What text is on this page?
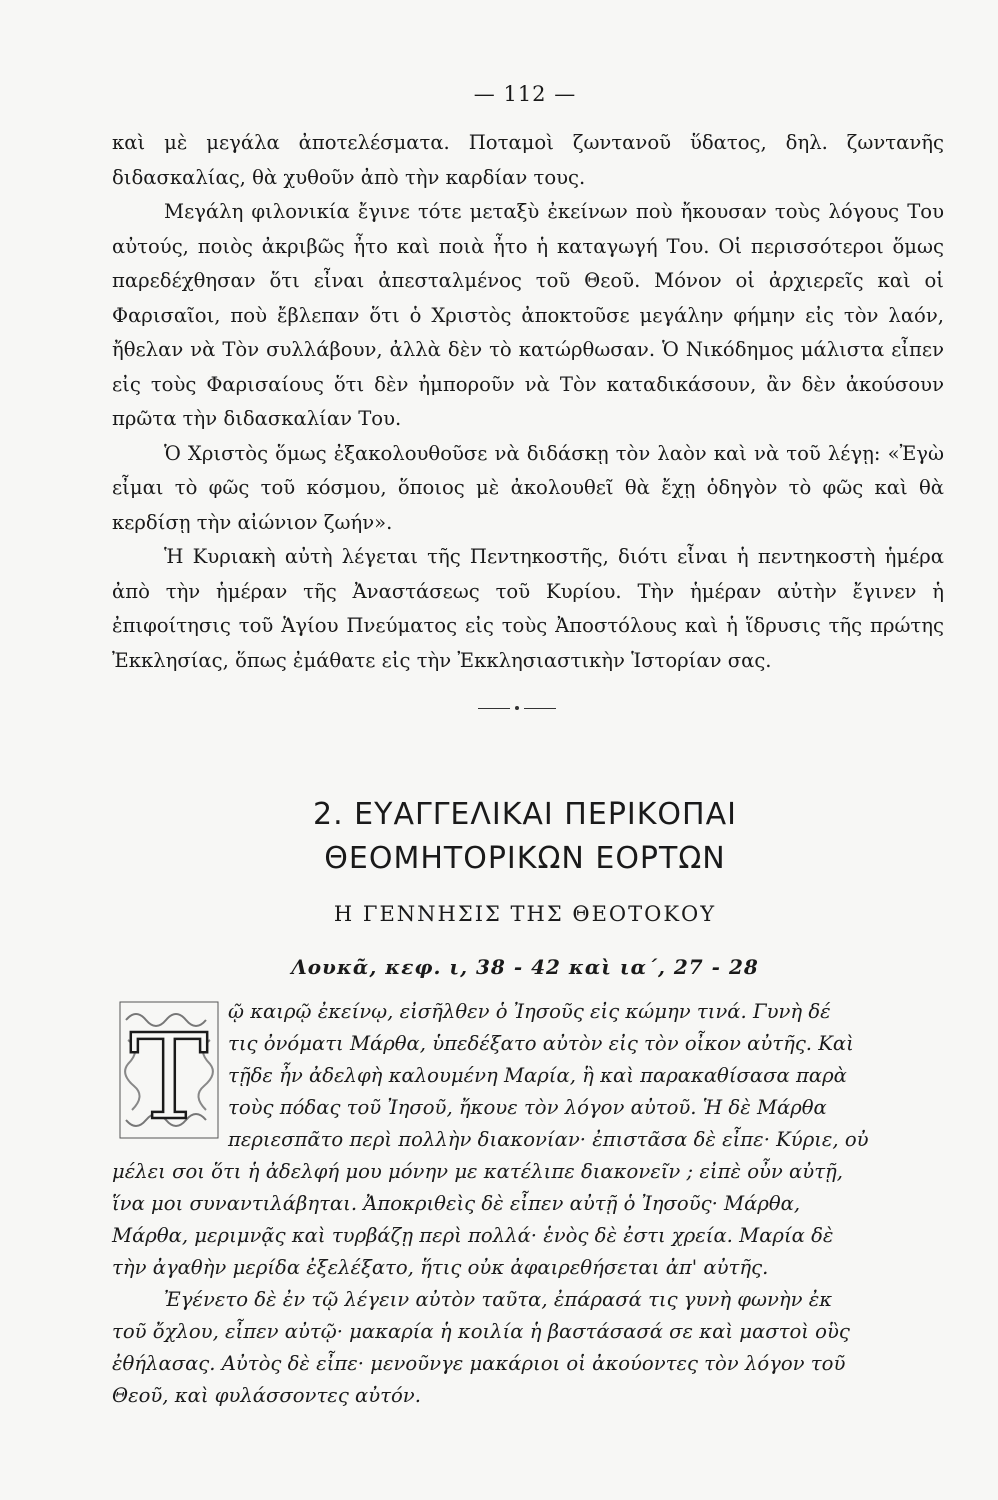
— 112 —

καὶ μὲ μεγάλα ἀποτελέσματα. Ποταμοὶ ζωντανοῦ ὕδατος, δηλ. ζωντανῆς διδασκαλίας, θὰ χυθοῦν ἀπὸ τὴν καρδίαν τους.

Μεγάλη φιλονικία ἔγινε τότε μεταξὺ ἐκείνων ποὺ ἤκουσαν τοὺς λόγους Του αὐτούς, ποιὸς ἀκριβῶς ἦτο καὶ ποιὰ ἦτο ἡ καταγωγή Του. Οἱ περισσότεροι ὅμως παρεδέχθησαν ὅτι εἶναι ἀπεσταλμένος τοῦ Θεοῦ. Μόνον οἱ ἀρχιερεῖς καὶ οἱ Φαρισαῖοι, ποὺ ἔβλεπαν ὅτι ὁ Χριστὸς ἀποκτοῦσε μεγάλην φήμην εἰς τὸν λαόν, ἤθελαν νὰ Τὸν συλλάβουν, ἀλλὰ δὲν τὸ κατώρθωσαν. Ὁ Νικόδημος μάλιστα εἶπεν εἰς τοὺς Φαρισαίους ὅτι δὲν ἠμποροῦν νὰ Τὸν καταδικάσουν, ἂν δὲν ἀκούσουν πρῶτα τὴν διδασκαλίαν Του.

Ὁ Χριστὸς ὅμως ἐξακολουθοῦσε νὰ διδάσκῃ τὸν λαὸν καὶ νὰ τοῦ λέγῃ: «Ἐγὼ εἶμαι τὸ φῶς τοῦ κόσμου, ὅποιος μὲ ἀκολουθεῖ θὰ ἔχῃ ὁδηγὸν τὸ φῶς καὶ θὰ κερδίσῃ τὴν αἰώνιον ζωήν».

Ἡ Κυριακὴ αὐτὴ λέγεται τῆς Πεντηκοστῆς, διότι εἶναι ἡ πεντηκοστὴ ἡμέρα ἀπὸ τὴν ἡμέραν τῆς Ἀναστάσεως τοῦ Κυρίου. Τὴν ἡμέραν αὐτὴν ἔγινεν ἡ ἐπιφοίτησις τοῦ Ἁγίου Πνεύματος εἰς τοὺς Ἀποστόλους καὶ ἡ ἵδρυσις τῆς πρώτης Ἐκκλησίας, ὅπως ἐμάθατε εἰς τὴν Ἐκκλησιαστικὴν Ἱστορίαν σας.

2. ΕΥΑΓΓΕΛΙΚΑΙ ΠΕΡΙΚΟΠΑΙ
ΘΕΟΜΗΤΟΡΙΚΩΝ ΕΟΡΤΩΝ
Η ΓΕΝΝΗΣΙΣ ΤΗΣ ΘΕΟΤΟΚΟΥ
Λουκᾶ, κεφ. ι, 38 - 42 καὶ ια΄, 27 - 28
Τ	ῷ καιρῷ ἐκείνῳ, εἰσῆλθεν ὁ Ἰησοῦς εἰς κώμην τινά. Γυνὴ δέ
τις ὀνόματι Μάρθα, ὑπεδέξατο αὐτὸν εἰς τὸν οἶκον αὐτῆς. Καὶ
τῇδε ἦν ἀδελφὴ καλουμένη Μαρία, ἣ καὶ παρακαθίσασα παρὰ
τοὺς πόδας τοῦ Ἰησοῦ, ἤκουε τὸν λόγον αὐτοῦ. Ἡ δὲ Μάρθα
περιεσπᾶτο περὶ πολλὴν διακονίαν· ἐπιστᾶσα δὲ εἶπε· Κύριε, οὐ
μέλει σοι ὅτι ἡ ἀδελφή μου μόνην με κατέλιπε διακονεῖν ; εἰπὲ οὖν αὐτῇ,
ἵνα μοι συναντιλάβηται. Ἀποκριθεὶς δὲ εἶπεν αὐτῇ ὁ Ἰησοῦς· Μάρθα,
Μάρθα, μεριμνᾷς καὶ τυρβάζῃ περὶ πολλά· ἑνὸς δὲ ἐστι χρεία. Μαρία δὲ
τὴν ἀγαθὴν μερίδα ἐξελέξατο, ἥτις οὐκ ἀφαιρεθήσεται ἀπ' αὐτῆς.
Ἐγένετο δὲ ἐν τῷ λέγειν αὐτὸν ταῦτα, ἐπάρασά τις γυνὴ φωνὴν ἐκ
τοῦ ὄχλου, εἶπεν αὐτῷ· μακαρία ἡ κοιλία ἡ βαστάσασά σε καὶ μαστοὶ οὓς
ἐθήλασας. Αὐτὸς δὲ εἶπε· μενοῦνγε μακάριοι οἱ ἀκούοντες τὸν λόγον τοῦ
Θεοῦ, καὶ φυλάσσοντες αὐτόν.
